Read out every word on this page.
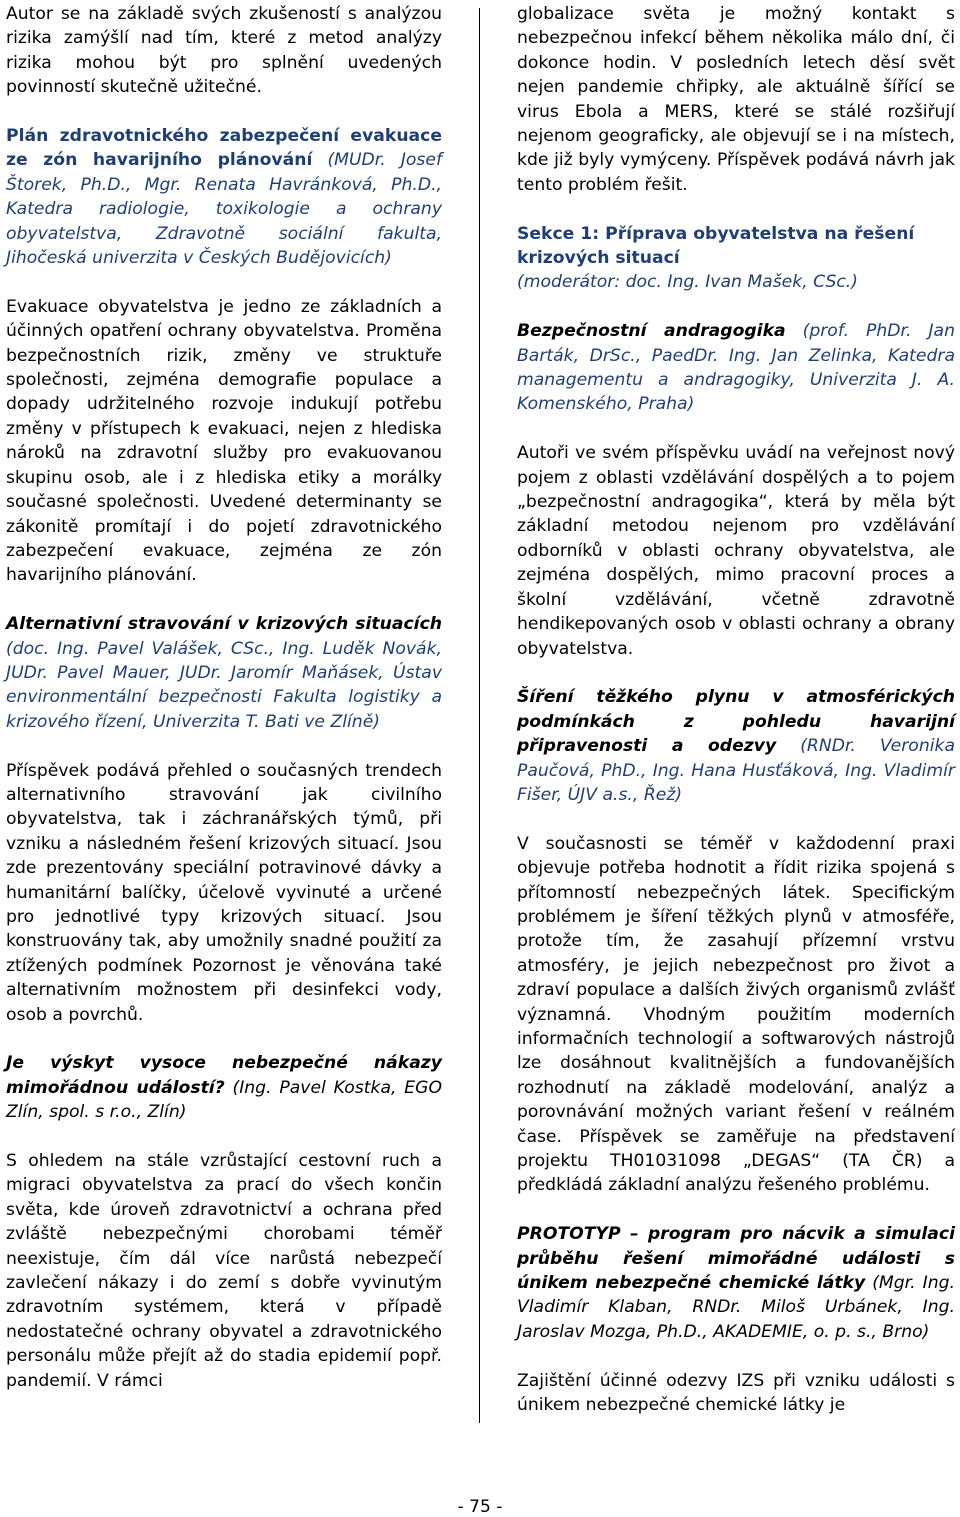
Autor se na základě svých zkušeností s analýzou rizika zamýšlí nad tím, které z metod analýzy rizika mohou být pro splnění uvedených povinností skutečně užitečné.

Plán zdravotnického zabezpečení evakuace ze zón havarijního plánování (MUDr. Josef Štorek, Ph.D., Mgr. Renata Havránková, Ph.D., Katedra radiologie, toxikologie a ochrany obyvatelstva, Zdravotně sociální fakulta, Jihočeská univerzita v Českých Budějovicích)

Evakuace obyvatelstva je jedno ze základních a účinných opatření ochrany obyvatelstva. Proměna bezpečnostních rizik, změny ve struktuře společnosti, zejména demografie populace a dopady udržitelného rozvoje indukují potřebu změny v přístupech k evakuaci, nejen z hlediska nároků na zdravotní služby pro evakuovanou skupinu osob, ale i z hlediska etiky a morálky současné společnosti. Uvedené determinanty se zákonitě promítají i do pojetí zdravotnického zabezpečení evakuace, zejména ze zón havarijního plánování.

Alternativní stravování v krizových situacích (doc. Ing. Pavel Valášek, CSc., Ing. Luděk Novák, JUDr. Pavel Mauer, JUDr. Jaromír Maňásek, Ústav environmentální bezpečnosti Fakulta logistiky a krizového řízení, Univerzita T. Bati ve Zlíně)

Příspěvek podává přehled o současných trendech alternativního stravování jak civilního obyvatelstva, tak i záchranářských týmů, při vzniku a následném řešení krizových situací. Jsou zde prezentovány speciální potravinové dávky a humanitární balíčky, účelově vyvinuté a určené pro jednotlivé typy krizových situací. Jsou konstruovány tak, aby umožnily snadné použití za ztížených podmínek Pozornost je věnována také alternativním možnostem při desinfekci vody, osob a povrchů.

Je výskyt vysoce nebezpečné nákazy mimořádnou událostí? (Ing. Pavel Kostka, EGO Zlín, spol. s r.o., Zlín)

S ohledem na stále vzrůstající cestovní ruch a migraci obyvatelstva za prací do všech končin světa, kde úroveň zdravotnictví a ochrana před zvláště nebezpečnými chorobami téměř neexistuje, čím dál více narůstá nebezpečí zavlečení nákazy i do zemí s dobře vyvinutým zdravotním systémem, která v případě nedostatečné ochrany obyvatel a zdravotnického personálu může přejít až do stadia epidemií popř. pandemií. V rámci

globalizace světa je možný kontakt s nebezpečnou infekcí během několika málo dní, či dokonce hodin. V posledních letech děsí svět nejen pandemie chřipky, ale aktuálně šířící se virus Ebola a MERS, které se stálé rozšiřují nejenom geograficky, ale objevují se i na místech, kde již byly vymýceny. Příspěvek podává návrh jak tento problém řešit.

Sekce 1: Příprava obyvatelstva na řešení krizových situací
(moderátor: doc. Ing. Ivan Mašek, CSc.)

Bezpečnostní andragogika (prof. PhDr. Jan Barták, DrSc., PaedDr. Ing. Jan Zelinka, Katedra managementu a andragogiky, Univerzita J. A. Komenského, Praha)

Autoři ve svém příspěvku uvádí na veřejnost nový pojem z oblasti vzdělávání dospělých a to pojem „bezpečnostní andragogika“, která by měla být základní metodou nejenom pro vzdělávání odborníků v oblasti ochrany obyvatelstva, ale zejména dospělých, mimo pracovní proces a školní vzdělávání, včetně zdravotně hendikepovaných osob v oblasti ochrany a obrany obyvatelstva.

Šíření těžkého plynu v atmosférických podmínkách z pohledu havarijní připravenosti a odezvy (RNDr. Veronika Paučová, PhD., Ing. Hana Husťáková, Ing. Vladimír Fišer, ÚJV a.s., Řež)

V současnosti se téměř v každodenní praxi objevuje potřeba hodnotit a řídit rizika spojená s přítomností nebezpečných látek. Specifickým problémem je šíření těžkých plynů v atmosféře, protože tím, že zasahují přízemní vrstvu atmosféry, je jejich nebezpečnost pro život a zdraví populace a dalších živých organismů zvlášť významná. Vhodným použitím moderních informačních technologií a softwarových nástrojů lze dosáhnout kvalitnějších a fundovanějších rozhodnutí na základě modelování, analýz a porovnávání možných variant řešení v reálném čase. Příspěvek se zaměřuje na představení projektu TH01031098 „DEGAS“ (TA ČR) a předkládá základní analýzu řešeného problému.

PROTOTYP – program pro nácvik a simulaci průběhu řešení mimořádné události s únikem nebezpečné chemické látky (Mgr. Ing. Vladimír Klaban, RNDr. Miloš Urbánek, Ing. Jaroslav Mozga, Ph.D., AKADEMIE, o. p. s., Brno)

Zajištění účinné odezvy IZS při vzniku události s únikem nebezpečné chemické látky je

- 75 -
